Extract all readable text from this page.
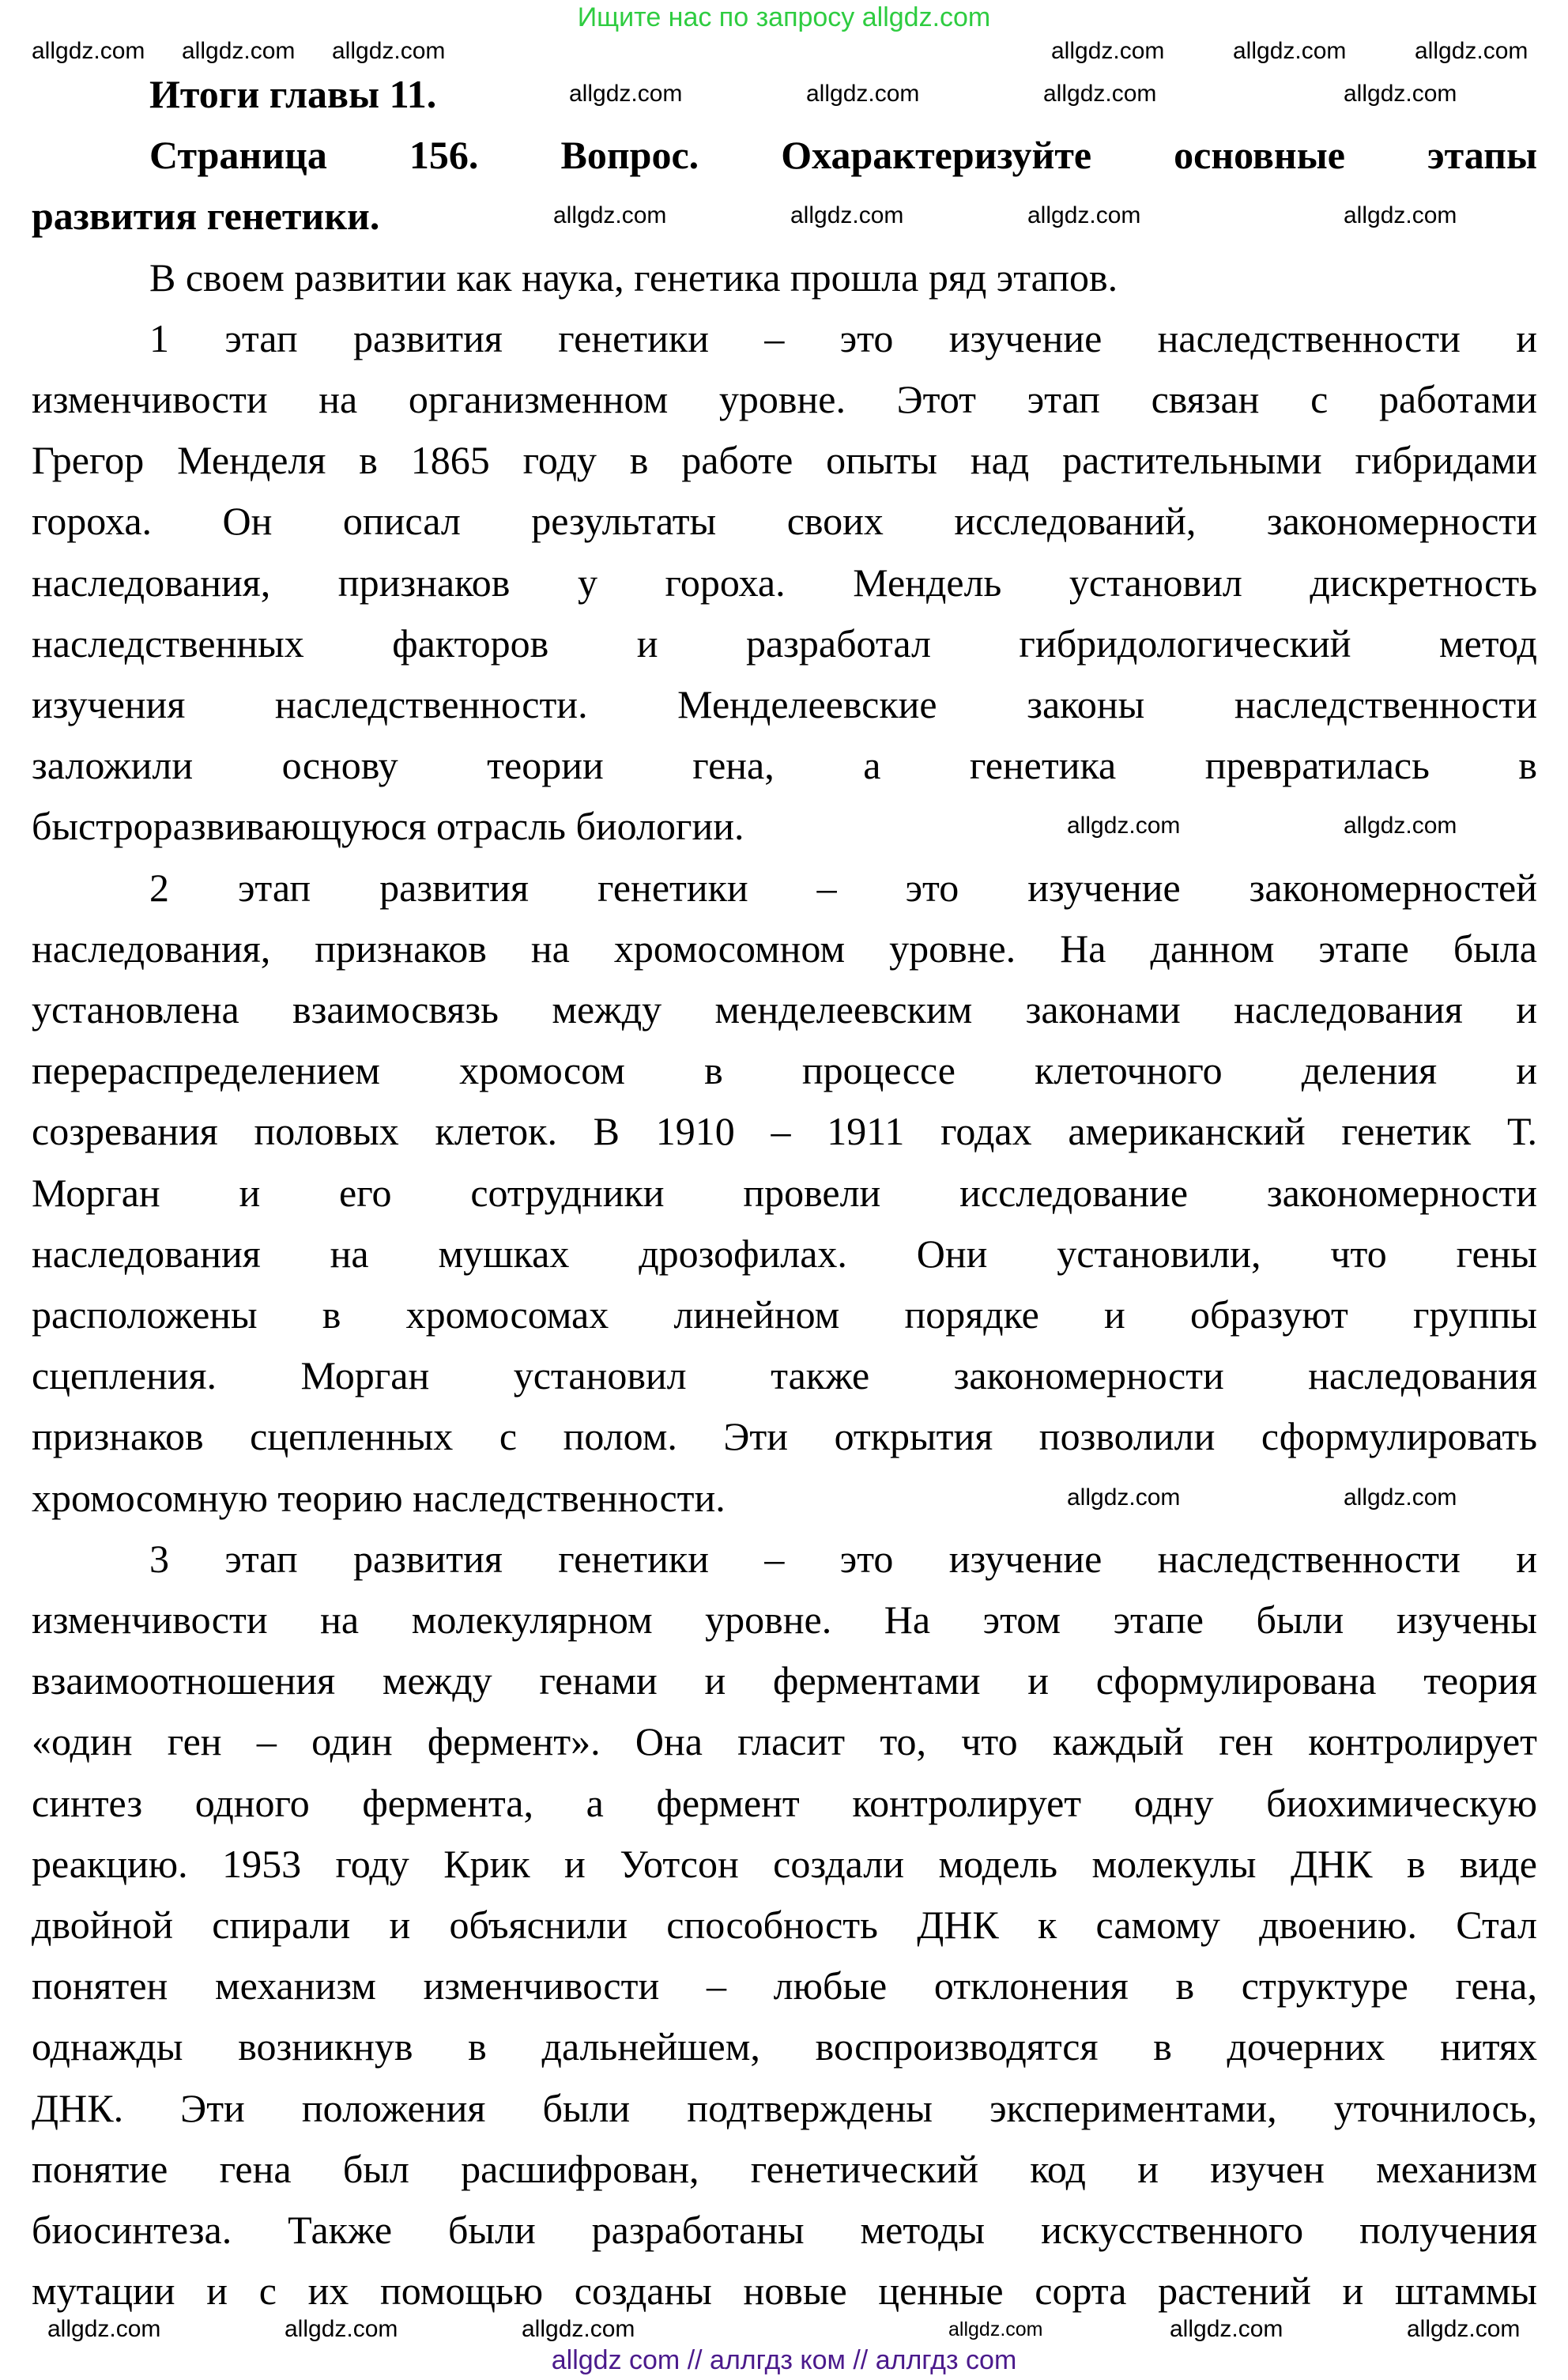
Ищите нас по запросу allgdz.com
Итоги главы 11.
Страница 156. Вопрос. Охарактеризуйте основные этапы
развития генетики.
В своем развитии как наука, генетика прошла ряд этапов.
1 этап развития генетики – это изучение наследственности и
изменчивости на организменном уровне. Этот этап связан с работами
Грегор Менделя в 1865 году в работе опыты над растительными гибридами
гороха. Он описал результаты своих исследований, закономерности
наследования, признаков у гороха. Мендель установил дискретность
наследственных факторов и разработал гибридологический метод
изучения наследственности. Менделеевские законы наследственности
заложили основу теории гена, а генетика превратилась в
быстроразвивающуюся отрасль биологии.
2 этап развития генетики – это изучение закономерностей
наследования, признаков на хромосомном уровне. На данном этапе была
установлена взаимосвязь между менделеевским законами наследования и
перераспределением хромосом в процессе клеточного деления и
созревания половых клеток. В 1910 – 1911 годах американский генетик Т.
Морган и его сотрудники провели исследование закономерности
наследования на мушках дрозофилах. Они установили, что гены
расположены в хромосомах линейном порядке и образуют группы
сцепления. Морган установил также закономерности наследования
признаков сцепленных с полом. Эти открытия позволили сформулировать
хромосомную теорию наследственности.
3 этап развития генетики – это изучение наследственности и
изменчивости на молекулярном уровне. На этом этапе были изучены
взаимоотношения между генами и ферментами и сформулирована теория
«один ген – один фермент». Она гласит то, что каждый ген контролирует
синтез одного фермента, а фермент контролирует одну биохимическую
реакцию. 1953 году Крик и Уотсон создали модель молекулы ДНК в виде
двойной спирали и объяснили способность ДНК к самому двоению. Стал
понятен механизм изменчивости – любые отклонения в структуре гена,
однажды возникнув в дальнейшем, воспроизводятся в дочерних нитях
ДНК. Эти положения были подтверждены экспериментами, уточнилось,
понятие гена был расшифрован, генетический код и изучен механизм
биосинтеза. Также были разработаны методы искусственного получения
мутации и с их помощью созданы новые ценные сорта растений и штаммы
allgdz.com	allgdz.com	allgdz.com	allgdz.com	allgdz.com
allgdz.com
allgdz.com	allgdz.com	allgdz.com	allgdz.com
allgdz.com	allgdz.com	allgdz.com	allgdz.com
allgdz.com	allgdz.com
allgdz.com	allgdz.com
allgdz.com	allgdz.com	allgdz.com	allgdz.com	allgdz.com	allgdz.com
allgdz com // аллгдз ком // аллгдз com
